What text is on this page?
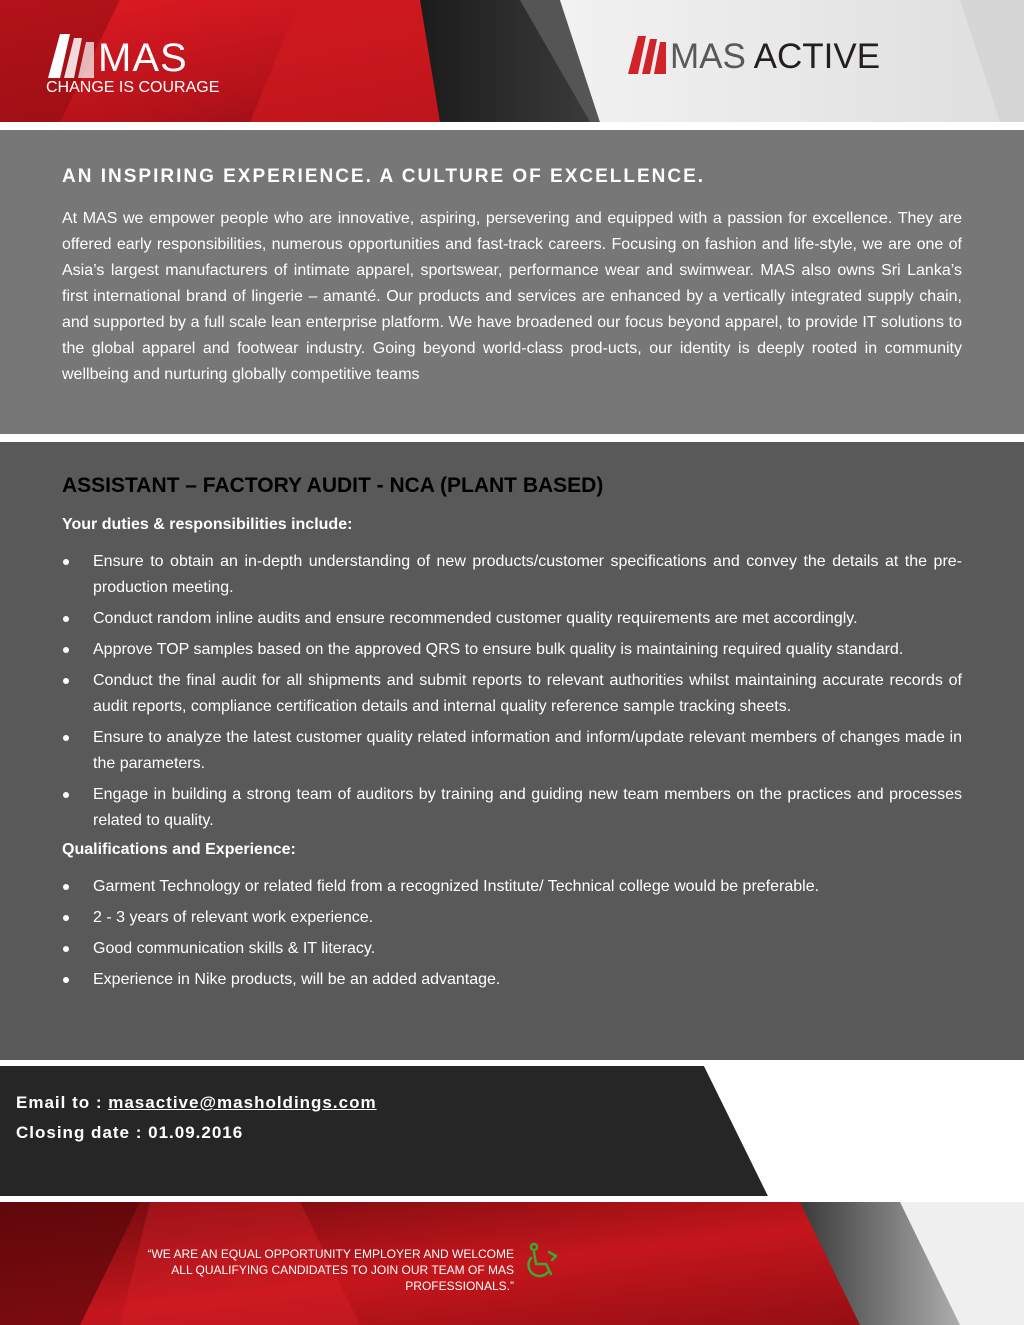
MAS
CHANGE IS COURAGE
MAS ACTIVE
AN INSPIRING EXPERIENCE. A CULTURE OF EXCELLENCE.

At MAS we empower people who are innovative, aspiring, persevering and equipped with a passion for excellence. They are offered early responsibilities, numerous opportunities and fast-track careers. Focusing on fashion and life-style, we are one of Asia’s largest manufacturers of intimate apparel, sportswear, performance wear and swimwear. MAS also owns Sri Lanka’s first international brand of lingerie – amanté. Our products and services are enhanced by a vertically integrated supply chain, and supported by a full scale lean enterprise platform. We have broadened our focus beyond apparel, to provide IT solutions to the global apparel and footwear industry. Going beyond world-class prod-ucts, our identity is deeply rooted in community wellbeing and nurturing globally competitive teams

ASSISTANT – FACTORY AUDIT - NCA (PLANT BASED)
Your duties & responsibilities include:
Ensure to obtain an in-depth understanding of new products/customer specifications and convey the details at the pre-production meeting.
Conduct random inline audits and ensure recommended customer quality requirements are met accordingly.
Approve TOP samples based on the approved QRS to ensure bulk quality is maintaining required quality standard.
Conduct the final audit for all shipments and submit reports to relevant authorities whilst maintaining accurate records of audit reports, compliance certification details and internal quality reference sample tracking sheets.
Ensure to analyze the latest customer quality related information and inform/update relevant members of changes made in the parameters.
Engage in building a strong team of auditors by training and guiding new team members on the practices and processes related to quality.
Qualifications and Experience:
Garment Technology or related field from a recognized Institute/ Technical college would be preferable.
2 - 3 years of relevant work experience.
Good communication skills & IT literacy.
Experience in Nike products, will be an added advantage.
Email to : masactive@masholdings.com
Closing date : 01.09.2016
“WE ARE AN EQUAL OPPORTUNITY EMPLOYER AND WELCOME
ALL QUALIFYING CANDIDATES TO JOIN OUR TEAM OF MAS PROFESSIONALS.”
